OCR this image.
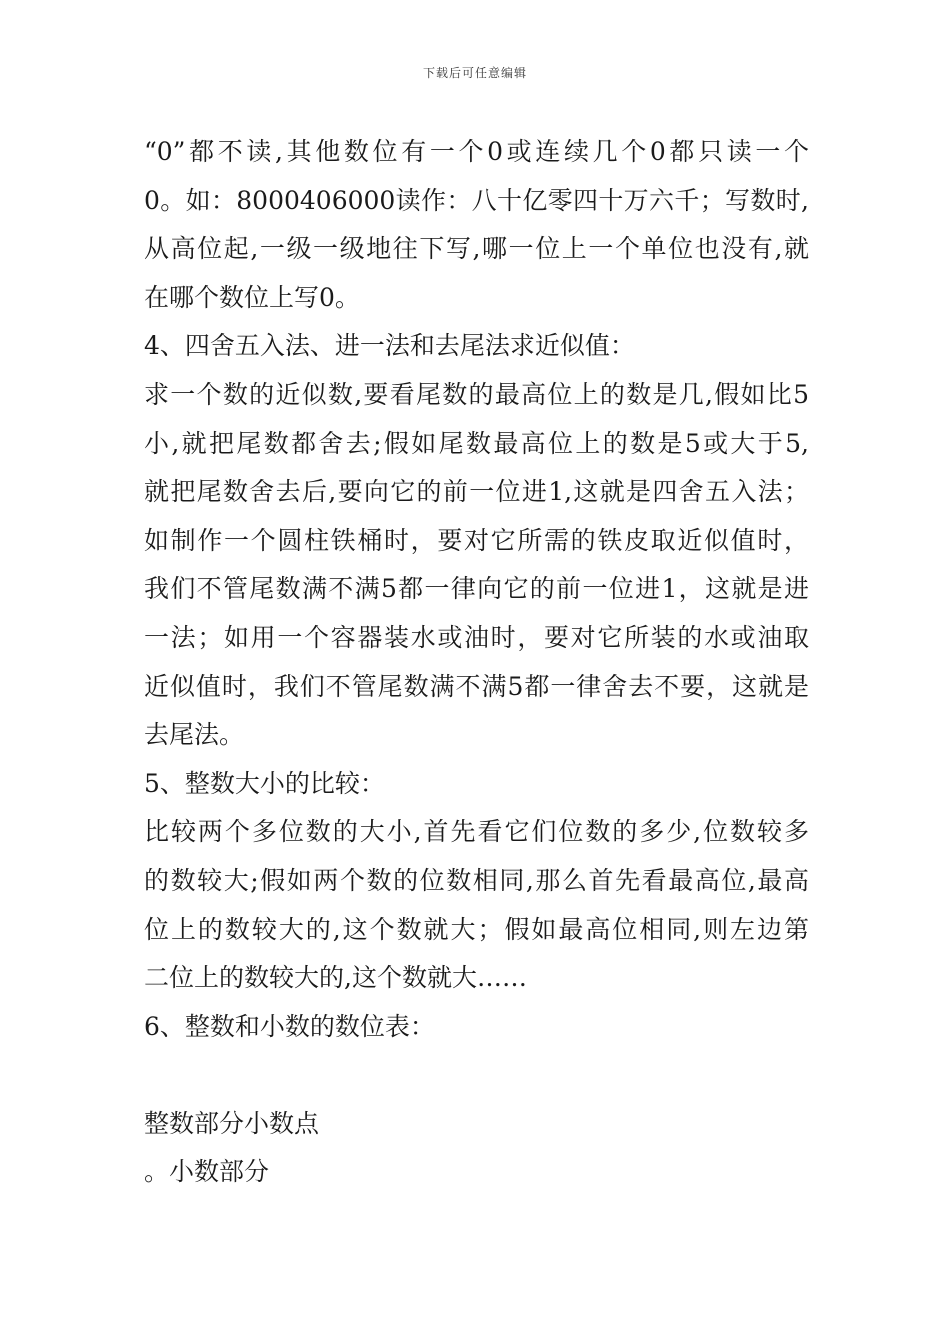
下载后可任意编辑
“0”都不读,其他数位有一个0或连续几个0都只读一个
0。如：8000406000读作：八十亿零四十万六千；写数时,
从高位起,一级一级地往下写,哪一位上一个单位也没有,就
在哪个数位上写0。
4、四舍五入法、进一法和去尾法求近似值：
求一个数的近似数,要看尾数的最高位上的数是几,假如比5
小,就把尾数都舍去;假如尾数最高位上的数是5或大于5,
就把尾数舍去后,要向它的前一位进1,这就是四舍五入法；
如制作一个圆柱铁桶时，要对它所需的铁皮取近似值时，
我们不管尾数满不满5都一律向它的前一位进1，这就是进
一法；如用一个容器装水或油时，要对它所装的水或油取
近似值时，我们不管尾数满不满5都一律舍去不要，这就是
去尾法。
5、整数大小的比较：
比较两个多位数的大小,首先看它们位数的多少,位数较多
的数较大;假如两个数的位数相同,那么首先看最高位,最高
位上的数较大的,这个数就大；假如最高位相同,则左边第
二位上的数较大的,这个数就大……
6、整数和小数的数位表：
整数部分小数点
。小数部分
